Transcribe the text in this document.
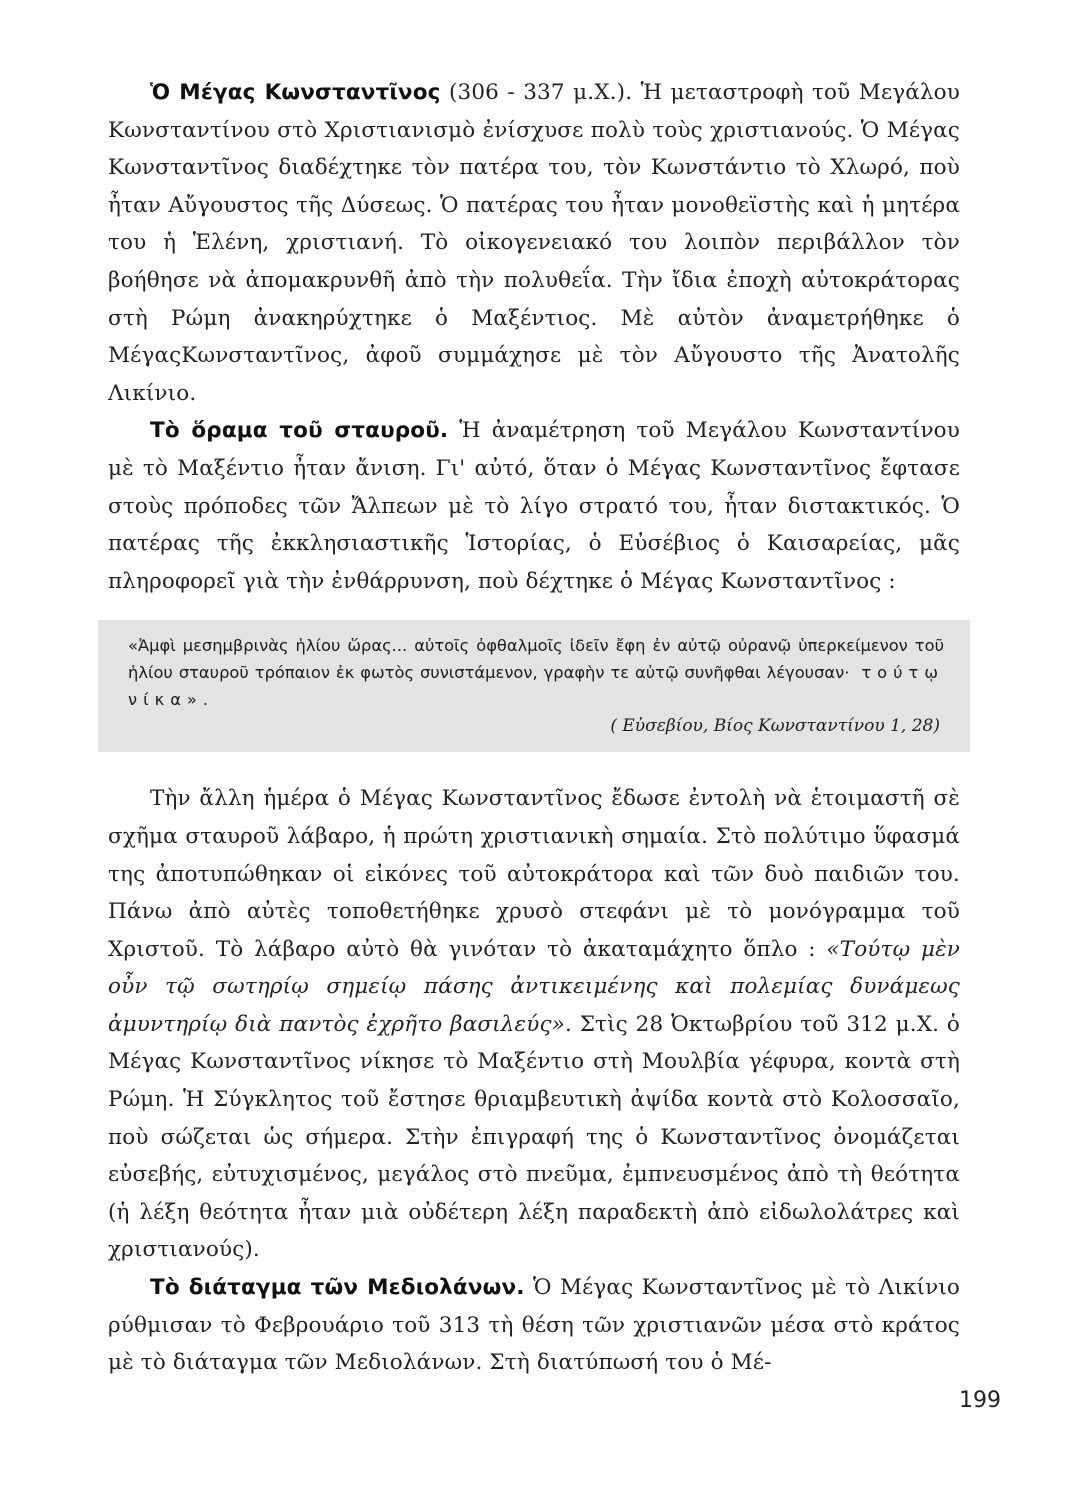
Ὁ Μέγας Κωνσταντῖνος (306 - 337 μ.Χ.). Ἡ μεταστροφὴ τοῦ Μεγάλου Κωνσταντίνου στὸ Χριστιανισμὸ ἐνίσχυσε πολὺ τοὺς χριστιανούς. Ὁ Μέγας Κωνσταντῖνος διαδέχτηκε τὸν πατέρα του, τὸν Κωνστάντιο τὸ Χλωρό, ποὺ ἦταν Αὔγουστος τῆς Δύσεως. Ὁ πατέρας του ἦταν μονοθεϊστὴς καὶ ἡ μητέρα του ἡ Ἑλένη, χριστιανή. Τὸ οἰκογενειακό του λοιπὸν περιβάλλον τὸν βοήθησε νὰ ἀπομακρυνθῆ ἀπὸ τὴν πολυθεΐα. Τὴν ἴδια ἐποχὴ αὐτοκράτορας στὴ Ρώμη ἀνακηρύχτηκε ὁ Μαξέντιος. Μὲ αὐτὸν ἀναμετρήθηκε ὁ ΜέγαςΚωνσταντῖνος, ἀφοῦ συμμάχησε μὲ τὸν Αὔγουστο τῆς Ἀνατολῆς Λικίνιο.

Τὸ ὅραμα τοῦ σταυροῦ. Ἡ ἀναμέτρηση τοῦ Μεγάλου Κωνσταντίνου μὲ τὸ Μαξέντιο ἦταν ἄνιση. Γι' αὐτό, ὅταν ὁ Μέγας Κωνσταντῖνος ἔφτασε στοὺς πρόποδες τῶν Ἄλπεων μὲ τὸ λίγο στρατό του, ἦταν διστακτικός. Ὁ πατέρας τῆς ἐκκλησιαστικῆς Ἱστορίας, ὁ Εὐσέβιος ὁ Καισαρείας, μᾶς πληροφορεῖ γιὰ τὴν ἐνθάρρυνση, ποὺ δέχτηκε ὁ Μέγας Κωνσταντῖνος :

«Ἀμφὶ μεσημβρινὰς ἡλίου ὥρας... αὐτοῖς ὀφθαλμοῖς ἰδεῖν ἔφη ἐν αὐτῷ οὐρανῷ ὑπερκείμενον τοῦ ἡλίου σταυροῦ τρόπαιον ἐκ φωτὸς συνιστάμενον, γραφὴν τε αὐτῷ συνῆφθαι λέγουσαν· τούτῳ νίκα».

( Εὐσεβίου, Βίος Κωνσταντίνου 1, 28)

Τὴν ἄλλη ἡμέρα ὁ Μέγας Κωνσταντῖνος ἔδωσε ἐντολὴ νὰ ἑτοιμαστῆ σὲ σχῆμα σταυροῦ λάβαρο, ἡ πρώτη χριστιανικὴ σημαία. Στὸ πολύτιμο ὕφασμά της ἀποτυπώθηκαν οἱ εἰκόνες τοῦ αὐτοκράτορα καὶ τῶν δυὸ παιδιῶν του. Πάνω ἀπὸ αὐτὲς τοποθετήθηκε χρυσὸ στεφάνι μὲ τὸ μονόγραμμα τοῦ Χριστοῦ. Τὸ λάβαρο αὐτὸ θὰ γινόταν τὸ ἀκαταμάχητο ὅπλο : «Τούτῳ μὲν οὖν τῷ σωτηρίῳ σημείῳ πάσης ἀντικειμένης καὶ πολεμίας δυνάμεως ἀμυντηρίῳ διὰ παντὸς ἐχρῆτο βασιλεύς». Στὶς 28 Ὀκτωβρίου τοῦ 312 μ.Χ. ὁ Μέγας Κωνσταντῖνος νίκησε τὸ Μαξέντιο στὴ Μουλβία γέφυρα, κοντὰ στὴ Ρώμη. Ἡ Σύγκλητος τοῦ ἔστησε θριαμβευτικὴ ἀψίδα κοντὰ στὸ Κολοσσαῖο, ποὺ σώζεται ὡς σήμερα. Στὴν ἐπιγραφή της ὁ Κωνσταντῖνος ὀνομάζεται εὐσεβής, εὐτυχισμένος, μεγάλος στὸ πνεῦμα, ἐμπνευσμένος ἀπὸ τὴ θεότητα (ἡ λέξη θεότητα ἦταν μιὰ οὐδέτερη λέξη παραδεκτὴ ἀπὸ εἰδωλολάτρες καὶ χριστιανούς).

Τὸ διάταγμα τῶν Μεδιολάνων. Ὁ Μέγας Κωνσταντῖνος μὲ τὸ Λικίνιο ρύθμισαν τὸ Φεβρουάριο τοῦ 313 τὴ θέση τῶν χριστιανῶν μέσα στὸ κράτος μὲ τὸ διάταγμα τῶν Μεδιολάνων. Στὴ διατύπωσή του ὁ Μέ-

199
